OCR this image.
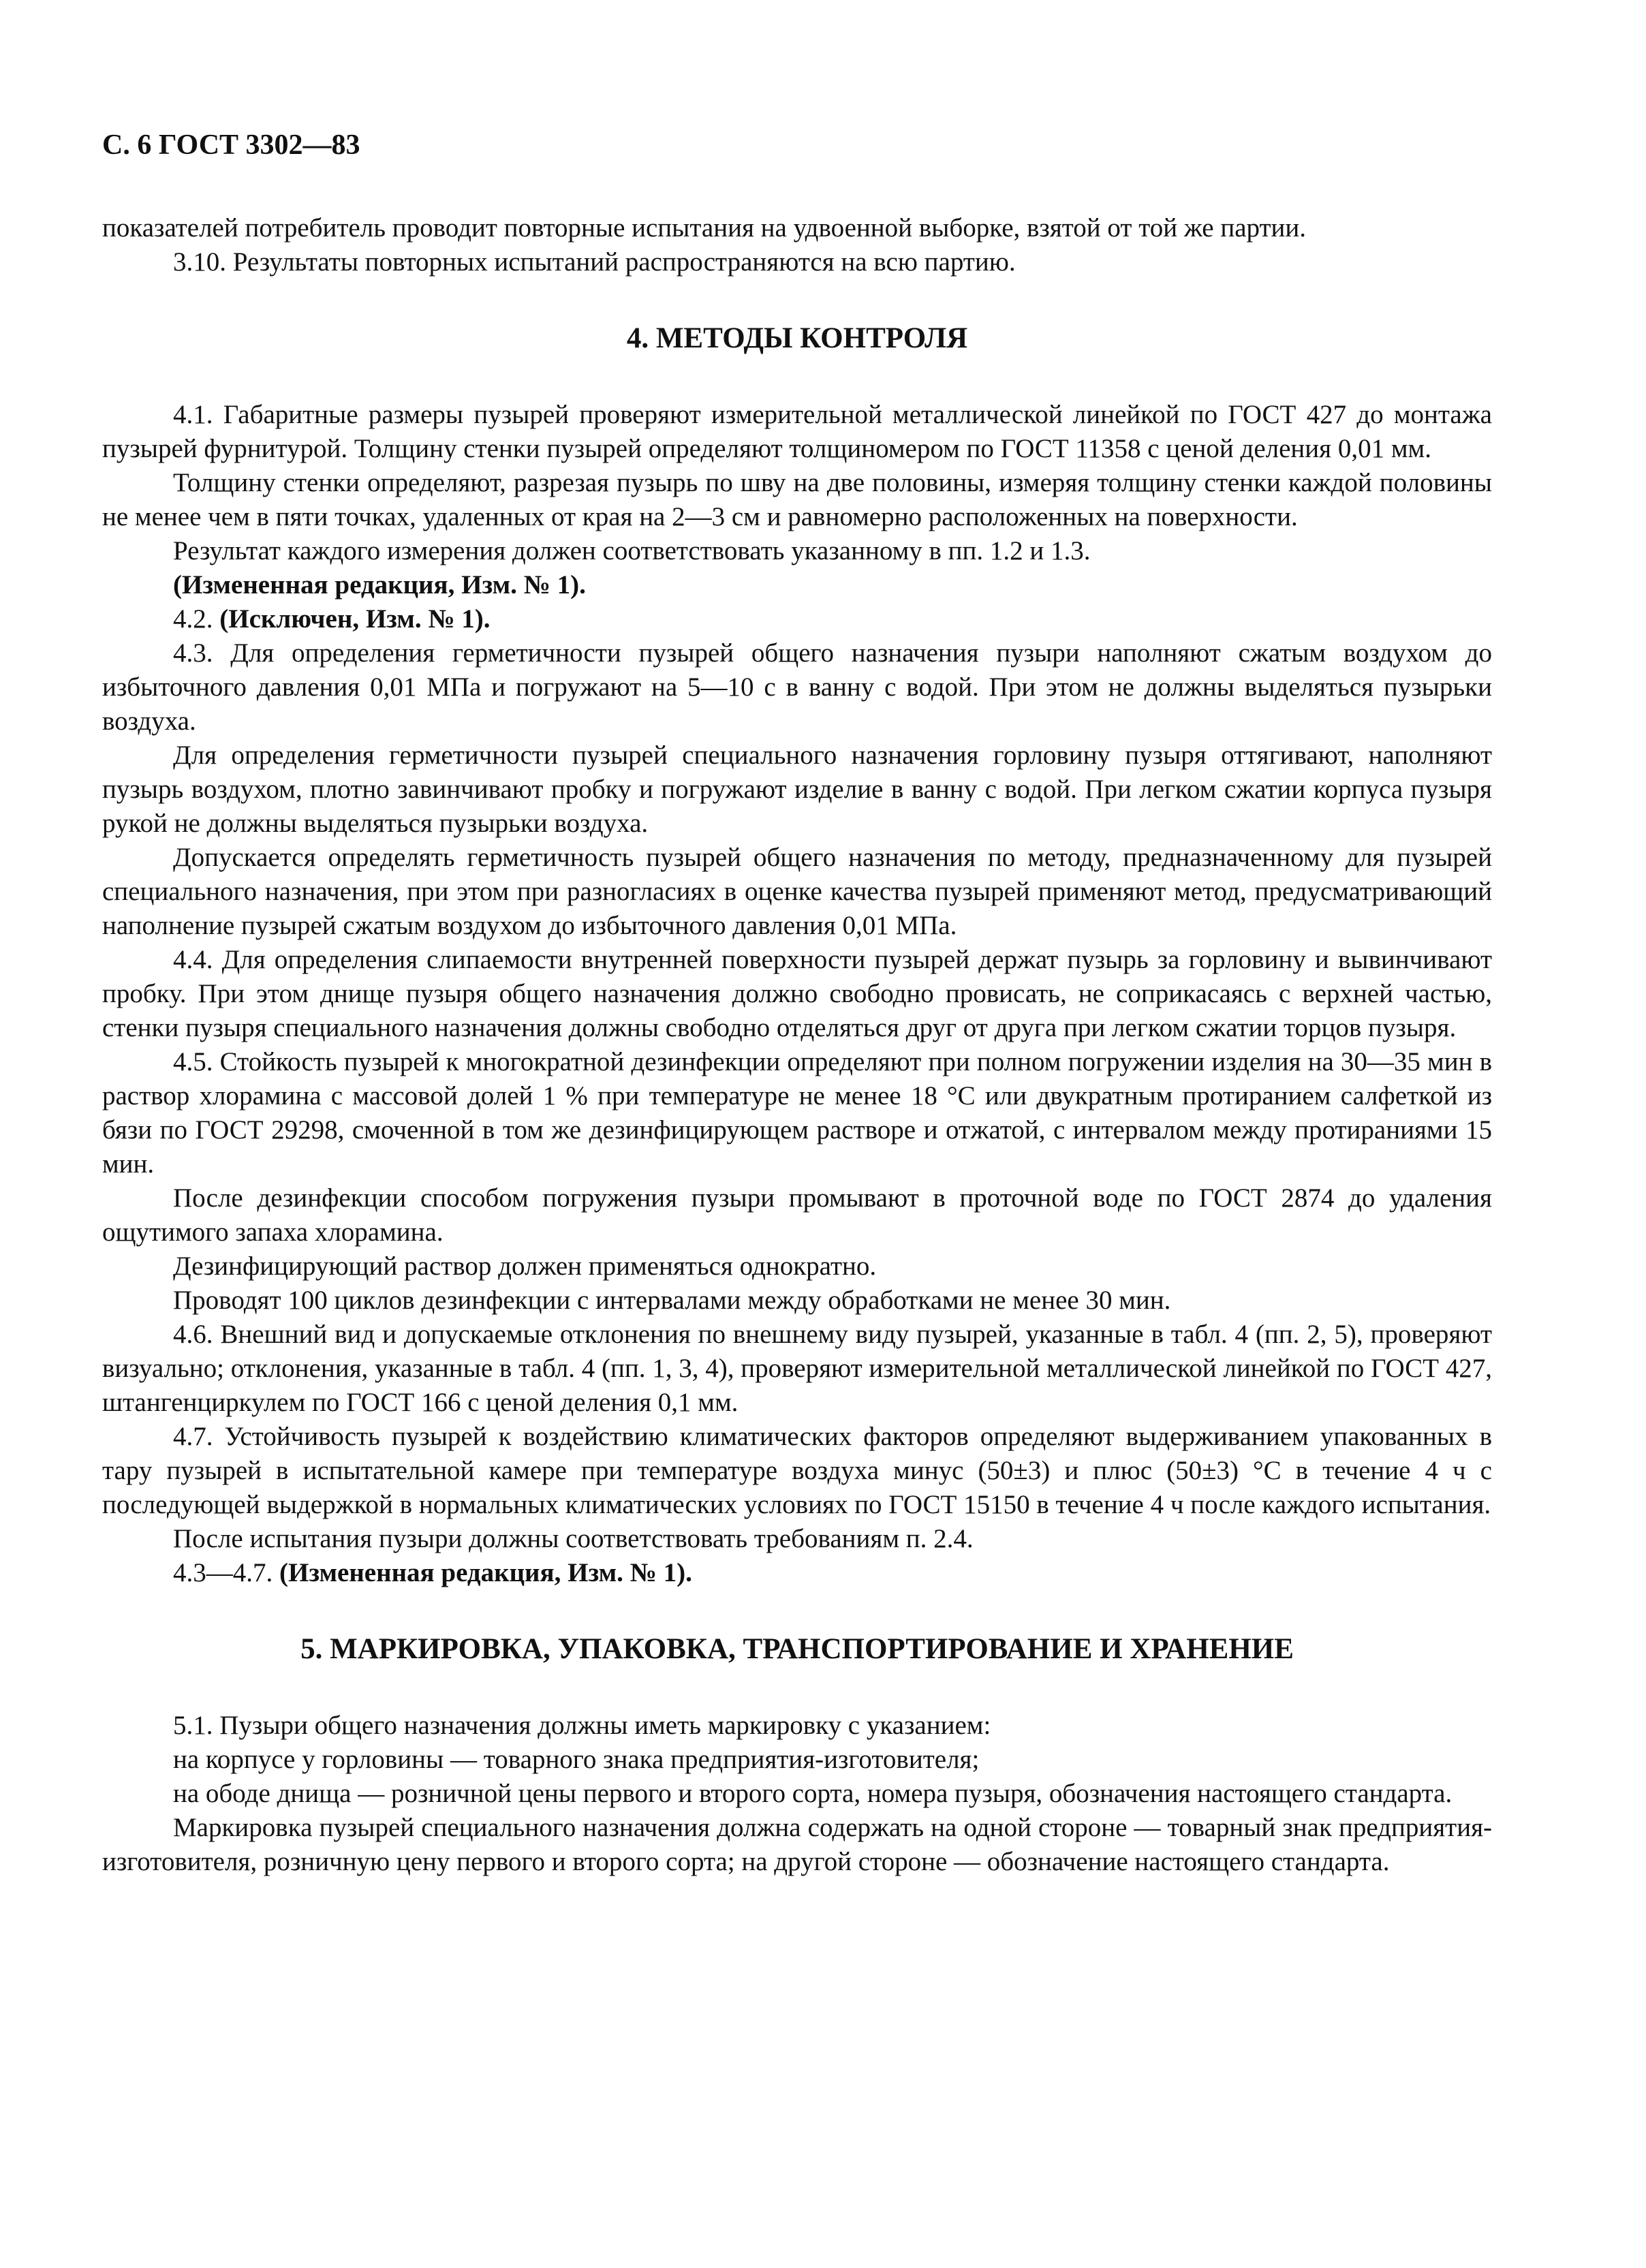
С. 6 ГОСТ 3302—83

показателей потребитель проводит повторные испытания на удвоенной выборке, взятой от той же партии.

3.10. Результаты повторных испытаний распространяются на всю партию.

4. МЕТОДЫ КОНТРОЛЯ

4.1. Габаритные размеры пузырей проверяют измерительной металлической линейкой по ГОСТ 427 до монтажа пузырей фурнитурой. Толщину стенки пузырей определяют толщиномером по ГОСТ 11358 с ценой деления 0,01 мм.

Толщину стенки определяют, разрезая пузырь по шву на две половины, измеряя толщину стенки каждой половины не менее чем в пяти точках, удаленных от края на 2—3 см и равномерно расположенных на поверхности.

Результат каждого измерения должен соответствовать указанному в пп. 1.2 и 1.3.

(Измененная редакция, Изм. № 1).

4.2. (Исключен, Изм. № 1).

4.3. Для определения герметичности пузырей общего назначения пузыри наполняют сжатым воздухом до избыточного давления 0,01 МПа и погружают на 5—10 с в ванну с водой. При этом не должны выделяться пузырьки воздуха.

Для определения герметичности пузырей специального назначения горловину пузыря оттягивают, наполняют пузырь воздухом, плотно завинчивают пробку и погружают изделие в ванну с водой. При легком сжатии корпуса пузыря рукой не должны выделяться пузырьки воздуха.

Допускается определять герметичность пузырей общего назначения по методу, предназначенному для пузырей специального назначения, при этом при разногласиях в оценке качества пузырей применяют метод, предусматривающий наполнение пузырей сжатым воздухом до избыточного давления 0,01 МПа.

4.4. Для определения слипаемости внутренней поверхности пузырей держат пузырь за горловину и вывинчивают пробку. При этом днище пузыря общего назначения должно свободно провисать, не соприкасаясь с верхней частью, стенки пузыря специального назначения должны свободно отделяться друг от друга при легком сжатии торцов пузыря.

4.5. Стойкость пузырей к многократной дезинфекции определяют при полном погружении изделия на 30—35 мин в раствор хлорамина с массовой долей 1 % при температуре не менее 18 °С или двукратным протиранием салфеткой из бязи по ГОСТ 29298, смоченной в том же дезинфицирующем растворе и отжатой, с интервалом между протираниями 15 мин.

После дезинфекции способом погружения пузыри промывают в проточной воде по ГОСТ 2874 до удаления ощутимого запаха хлорамина.

Дезинфицирующий раствор должен применяться однократно.

Проводят 100 циклов дезинфекции с интервалами между обработками не менее 30 мин.

4.6. Внешний вид и допускаемые отклонения по внешнему виду пузырей, указанные в табл. 4 (пп. 2, 5), проверяют визуально; отклонения, указанные в табл. 4 (пп. 1, 3, 4), проверяют измерительной металлической линейкой по ГОСТ 427, штангенциркулем по ГОСТ 166 с ценой деления 0,1 мм.

4.7. Устойчивость пузырей к воздействию климатических факторов определяют выдерживанием упакованных в тару пузырей в испытательной камере при температуре воздуха минус (50±3) и плюс (50±3) °С в течение 4 ч с последующей выдержкой в нормальных климатических условиях по ГОСТ 15150 в течение 4 ч после каждого испытания.

После испытания пузыри должны соответствовать требованиям п. 2.4.

4.3—4.7. (Измененная редакция, Изм. № 1).

5. МАРКИРОВКА, УПАКОВКА, ТРАНСПОРТИРОВАНИЕ И ХРАНЕНИЕ

5.1. Пузыри общего назначения должны иметь маркировку с указанием:

на корпусе у горловины — товарного знака предприятия-изготовителя;

на ободе днища — розничной цены первого и второго сорта, номера пузыря, обозначения настоящего стандарта.

Маркировка пузырей специального назначения должна содержать на одной стороне — товарный знак предприятия-изготовителя, розничную цену первого и второго сорта; на другой стороне — обозначение настоящего стандарта.
